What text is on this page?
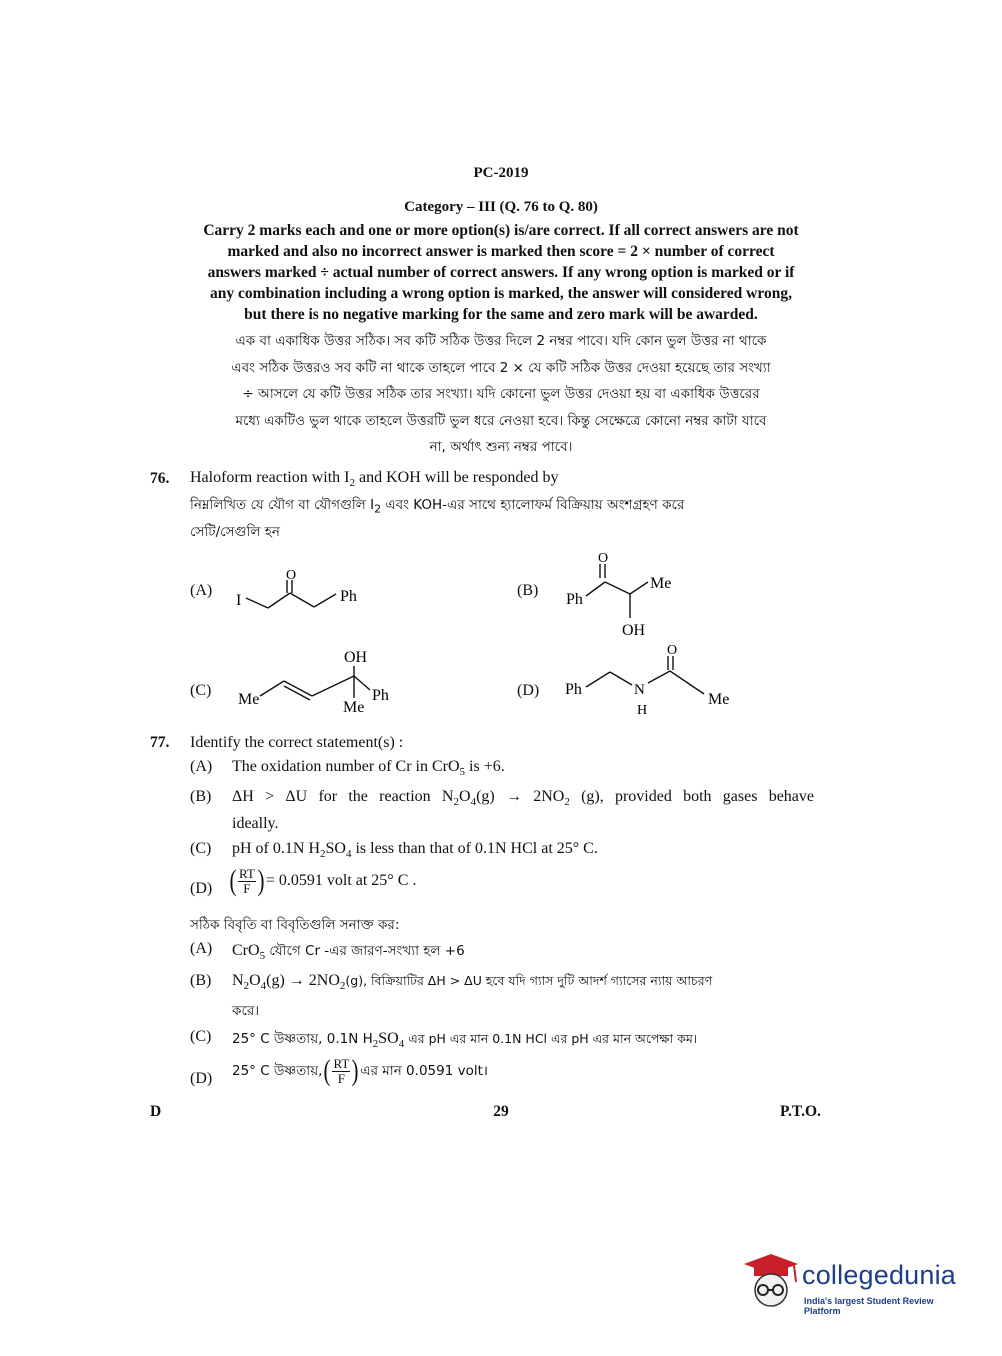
PC-2019
Category – III (Q. 76 to Q. 80)
Carry 2 marks each and one or more option(s) is/are correct. If all correct answers are not
marked and also no incorrect answer is marked then score = 2 × number of correct
answers marked ÷ actual number of correct answers. If any wrong option is marked or if
any combination including a wrong option is marked, the answer will considered wrong,
but there is no negative marking for the same and zero mark will be awarded.
এক বা একাধিক উত্তর সঠিক। সব কটি সঠিক উত্তর দিলে 2 নম্বর পাবে। যদি কোন ভুল উত্তর না থাকে
এবং সঠিক উত্তরও সব কটি না থাকে তাহলে পাবে 2 × যে কটি সঠিক উত্তর দেওয়া হয়েছে তার সংখ্যা
÷ আসলে যে কটি উত্তর সঠিক তার সংখ্যা। যদি কোনো ভুল উত্তর দেওয়া হয় বা একাধিক উত্তরের
মধ্যে একটিও ভুল থাকে তাহলে উত্তরটি ভুল ধরে নেওয়া হবে। কিন্তু সেক্ষেত্রে কোনো নম্বর কাটা যাবে
না, অর্থাৎ শুন্য নম্বর পাবে।
76. Haloform reaction with $I_2$ and KOH will be responded by
নিম্নলিখিত যে যৌগ বা যৌগগুলি $I_2$ এবং KOH-এর সাথে হ্যালোফর্ম বিক্রিয়ায় অংশগ্রহণ করে
সেটি/সেগুলি হন
(A)
I
O
Ph	(B)
O
Me
Ph
OH
(C)
OH
Me	Ph
Me
(D)
O
Ph	N
H
Me
77. Identify the correct statement(s) :
(A) The oxidation number of Cr in CrO$_5$ is +6.
(B) ΔH > ΔU for the reaction $N_2O_4(g) \to 2NO_2$ (g), provided both gases behave
ideally.
(C) pH of 0.1N $H_2SO_4$ is less than that of 0.1N HCl at 25° C.
(D) ( $\frac{RT}{F}$ ) = 0.0591 volt at 25° C .
সঠিক বিবৃতি বা বিবৃতিগুলি সনাক্ত কর:
(A) CrO$_5$ যৌগে Cr -এর জারণ-সংখ্যা হল +6
(B) $N_2O_4(g) \to 2NO_2(g)$, বিক্রিয়াটির ΔH > ΔU হবে যদি গ্যাস দুটি আদর্শ গ্যাসের ন্যায় আচরণ
করে।
(C) 25° C উষ্ণতায়, 0.1N $H_2SO_4$ এর pH এর মান 0.1N HCl এর pH এর মান অপেক্ষা কম।
(D) 25° C উষ্ণতায়, ( $\frac{RT}{F}$ ) এর মান 0.0591 volt।
D	29	P.T.O.
collegedunia
India's largest Student Review Platform
